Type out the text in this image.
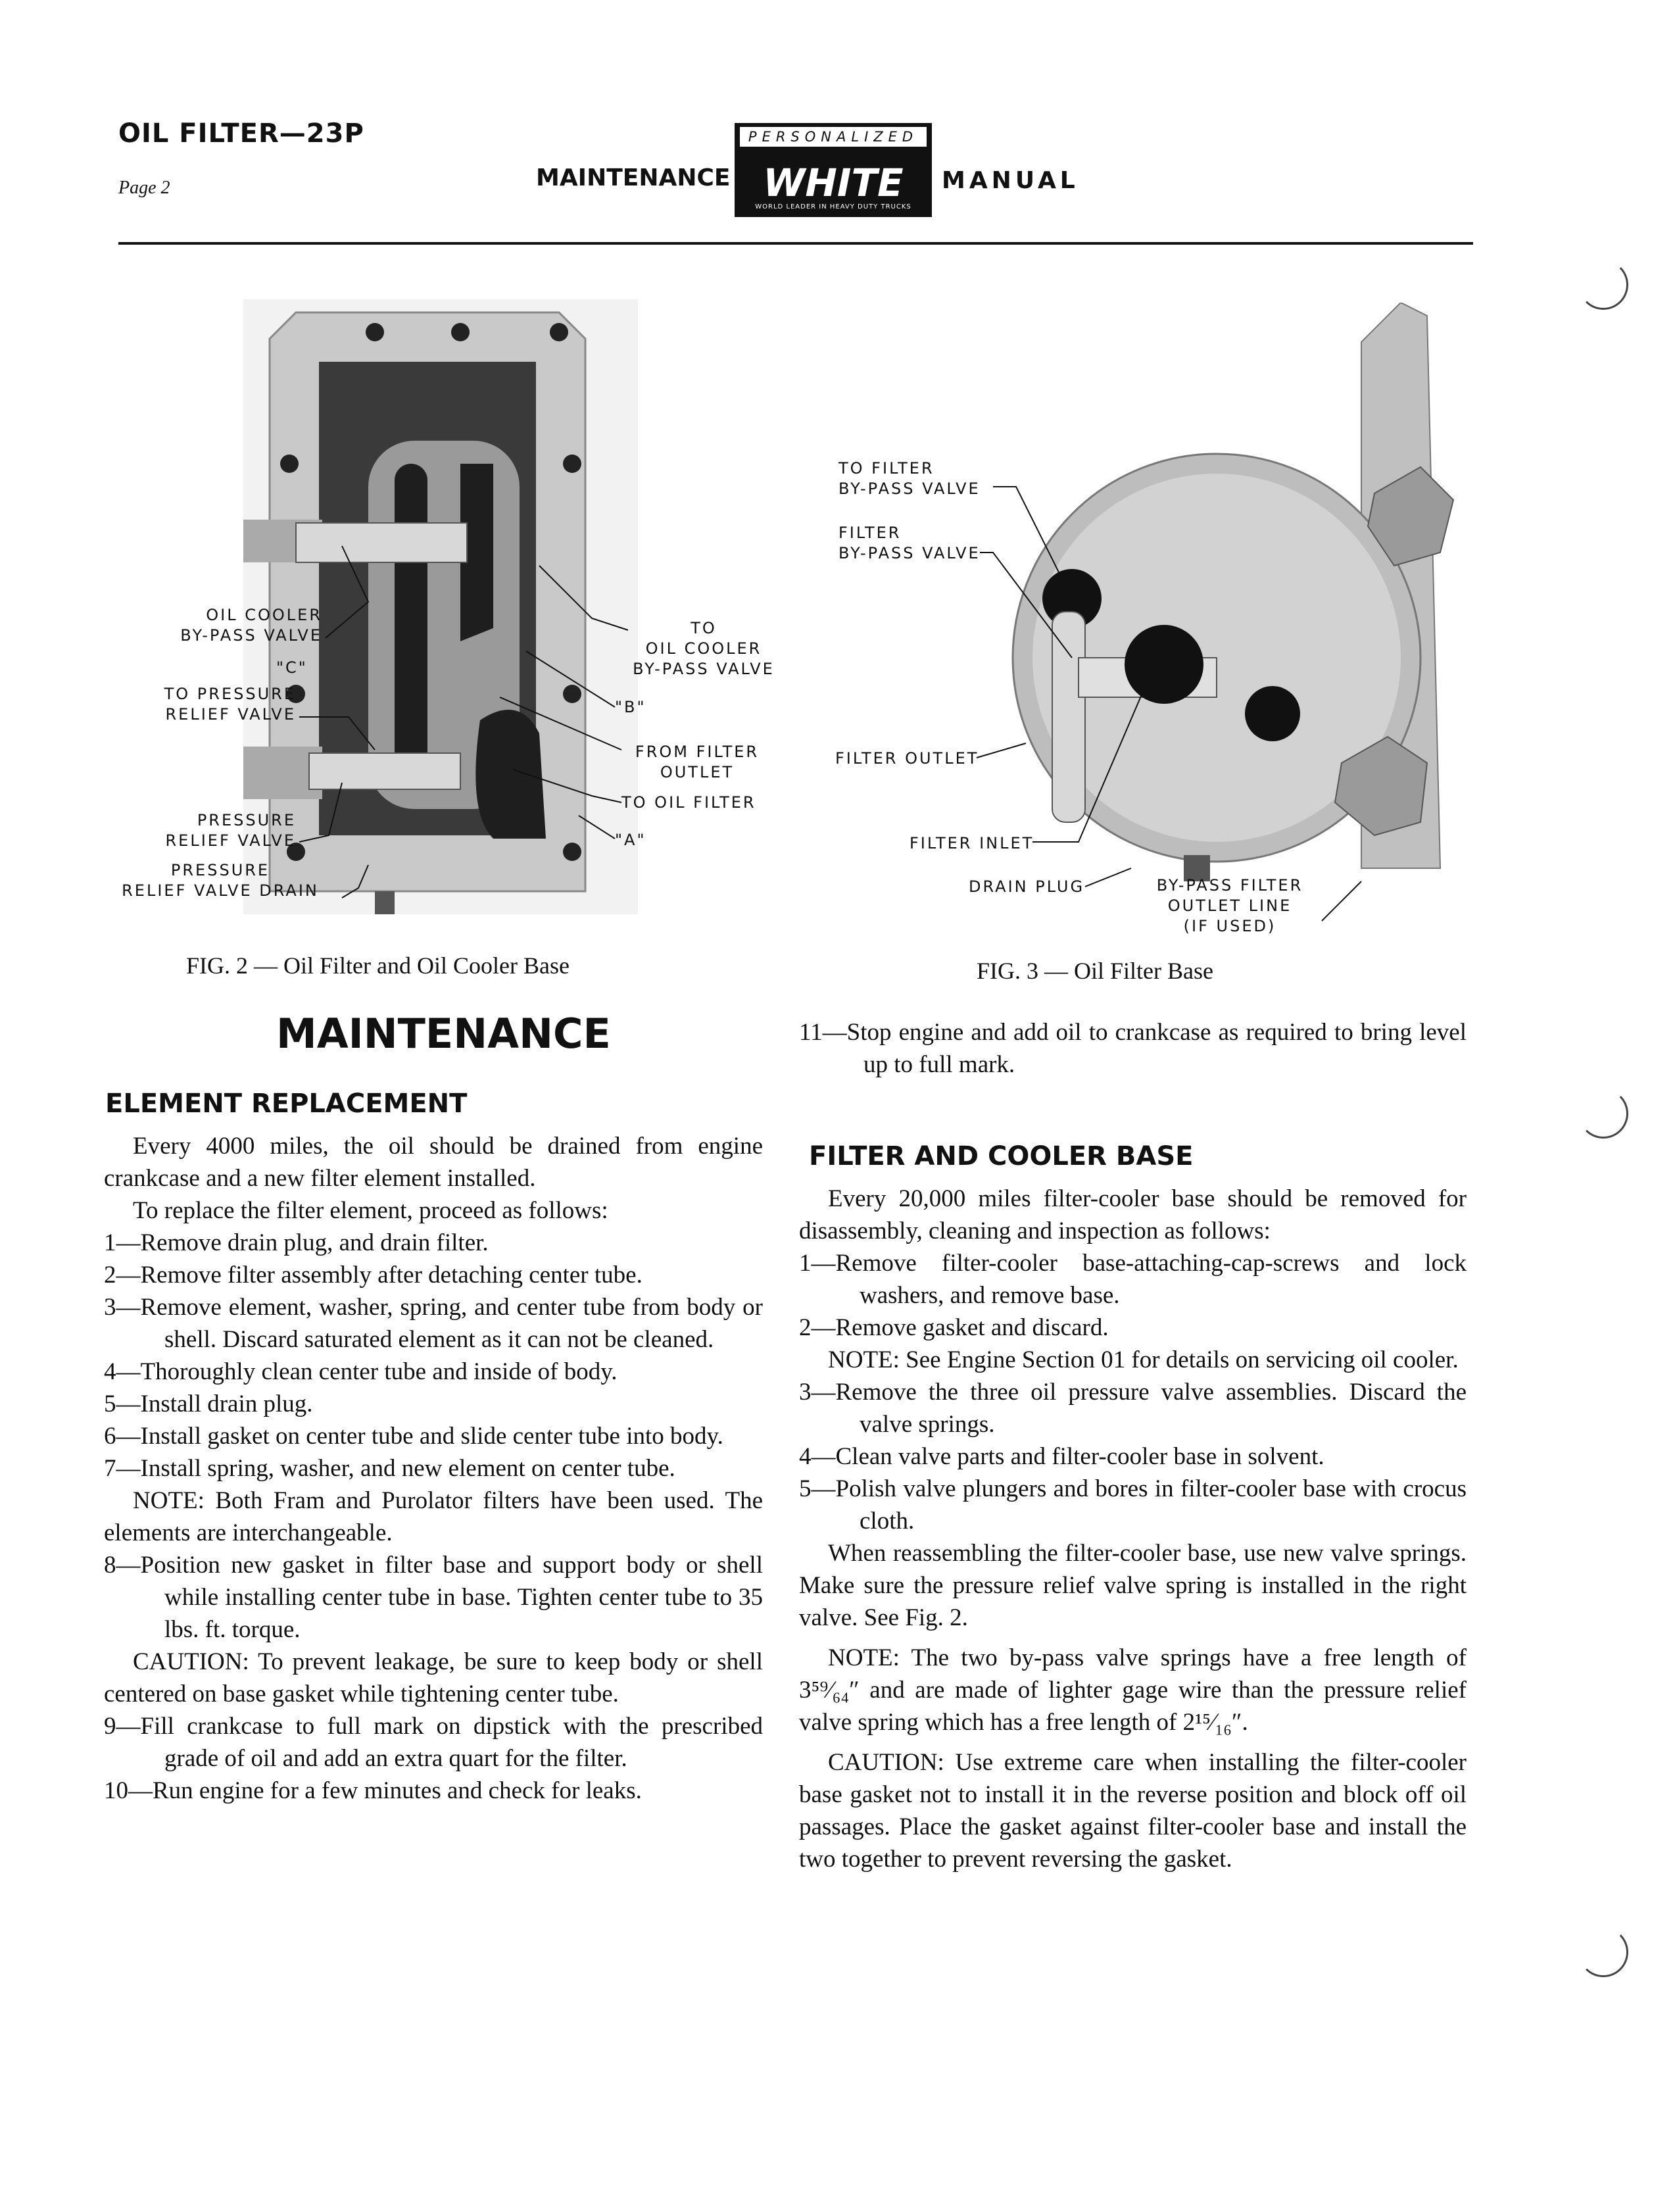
OIL FILTER—23P
Page 2	MAINTENANCE
PERSONALIZED
WHITE
WORLD LEADER IN HEAVY DUTY TRUCKS
MANUAL
OIL COOLER
BY-PASS VALVE
"C"
TO PRESSURE
RELIEF VALVE
PRESSURE
RELIEF VALVE
PRESSURE
RELIEF VALVE DRAIN
TO
OIL COOLER
BY-PASS VALVE
"B"
FROM FILTER
OUTLET
TO OIL FILTER
"A"
FIG. 2 — Oil Filter and Oil Cooler Base
TO FILTER
BY-PASS VALVE
FILTER
BY-PASS VALVE
FILTER OUTLET
FILTER INLET
DRAIN PLUG	BY-PASS FILTER
OUTLET LINE
(IF USED)
FIG. 3 — Oil Filter Base
MAINTENANCE
ELEMENT REPLACEMENT

Every 4000 miles, the oil should be drained from engine crankcase and a new filter element installed.

To replace the filter element, proceed as follows:

1—Remove drain plug, and drain filter.

2—Remove filter assembly after detaching center tube.

3—Remove element, washer, spring, and center tube from body or shell. Discard saturated element as it can not be cleaned.

4—Thoroughly clean center tube and inside of body.

5—Install drain plug.

6—Install gasket on center tube and slide center tube into body.

7—Install spring, washer, and new element on center tube.

NOTE: Both Fram and Purolator filters have been used. The elements are interchangeable.

8—Position new gasket in filter base and support body or shell while installing center tube in base. Tighten center tube to 35 lbs. ft. torque.

CAUTION: To prevent leakage, be sure to keep body or shell centered on base gasket while tightening center tube.

9—Fill crankcase to full mark on dipstick with the prescribed grade of oil and add an extra quart for the filter.

10—Run engine for a few minutes and check for leaks.

11—Stop engine and add oil to crankcase as required to bring level up to full mark.

FILTER AND COOLER BASE

Every 20,000 miles filter-cooler base should be removed for disassembly, cleaning and inspection as follows:

1—Remove filter-cooler base-attaching-cap-screws and lock washers, and remove base.

2—Remove gasket and discard.

NOTE: See Engine Section 01 for details on servicing oil cooler.

3—Remove the three oil pressure valve assemblies. Discard the valve springs.

4—Clean valve parts and filter-cooler base in solvent.

5—Polish valve plungers and bores in filter-cooler base with crocus cloth.

When reassembling the filter-cooler base, use new valve springs. Make sure the pressure relief valve spring is installed in the right valve. See Fig. 2.

NOTE: The two by-pass valve springs have a free length of 3⁵⁹⁄₆₄″ and are made of lighter gage wire than the pressure relief valve spring which has a free length of 2¹⁵⁄₁₆″.

CAUTION: Use extreme care when installing the filter-cooler base gasket not to install it in the reverse position and block off oil passages. Place the gasket against filter-cooler base and install the two together to prevent reversing the gasket.
